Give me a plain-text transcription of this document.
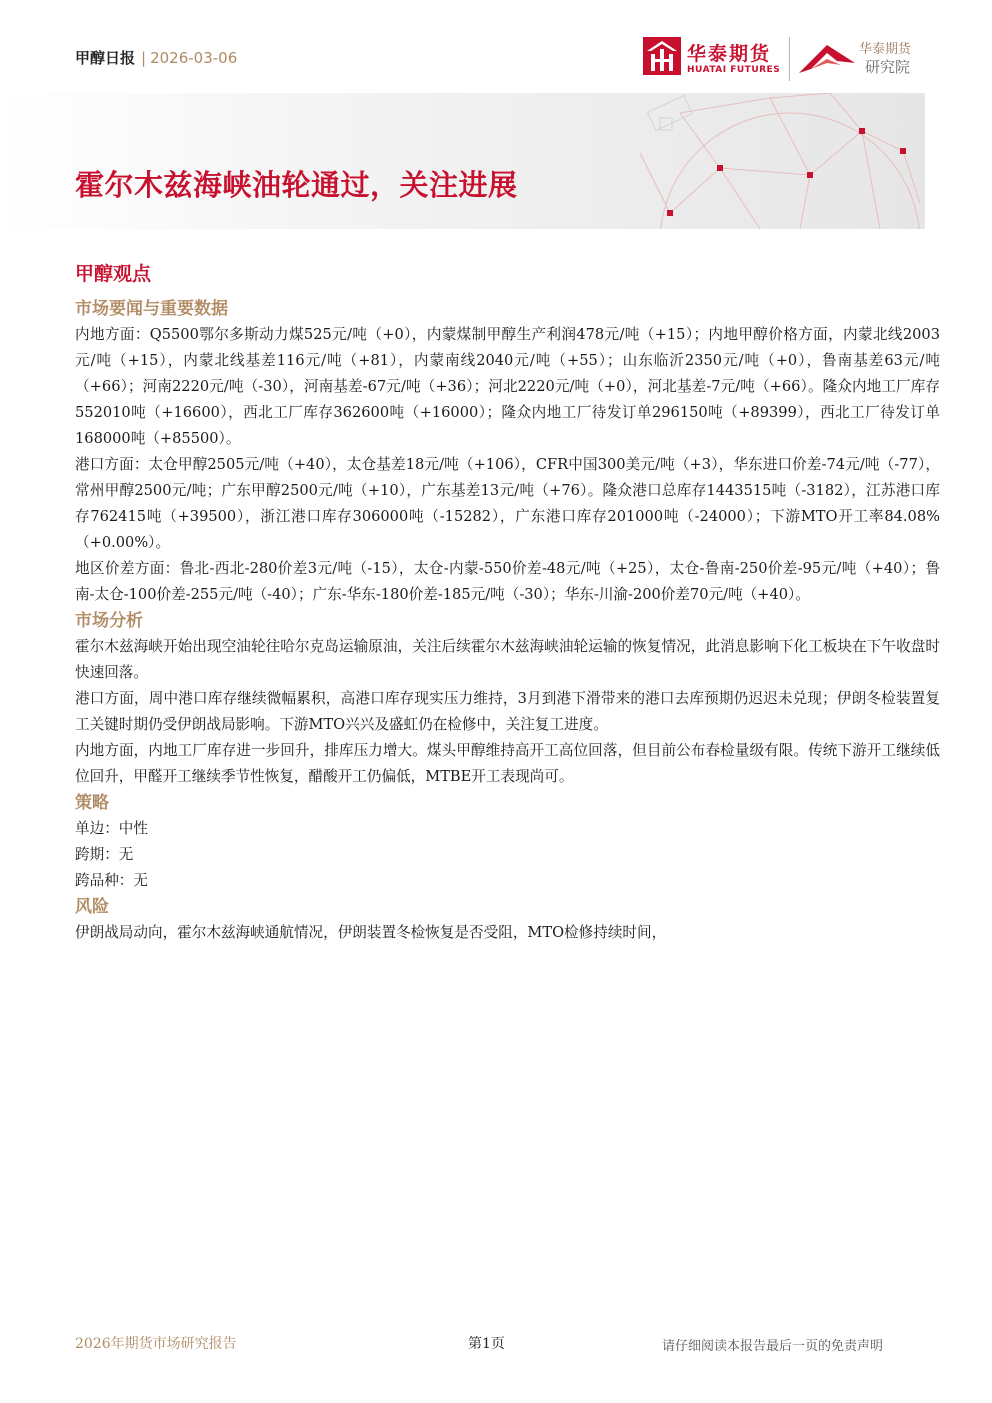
甲醇日报 | 2026-03-06	华泰期货
HUATAI FUTURES
华泰期货
研究院
霍尔木兹海峡油轮通过，关注进展
甲醇观点
市场要闻与重要数据

内地方面：Q5500鄂尔多斯动力煤525元/吨（+0），内蒙煤制甲醇生产利润478元/吨（+15）；内地甲醇价格方面，内蒙北线2003元/吨（+15），内蒙北线基差116元/吨（+81），内蒙南线2040元/吨（+55）；山东临沂2350元/吨（+0），鲁南基差63元/吨（+66）；河南2220元/吨（-30），河南基差-67元/吨（+36）；河北2220元/吨（+0），河北基差-7元/吨（+66）。隆众内地工厂库存552010吨（+16600），西北工厂库存362600吨（+16000）；隆众内地工厂待发订单296150吨（+89399），西北工厂待发订单168000吨（+85500）。

港口方面：太仓甲醇2505元/吨（+40），太仓基差18元/吨（+106），CFR中国300美元/吨（+3），华东进口价差-74元/吨（-77），常州甲醇2500元/吨；广东甲醇2500元/吨（+10），广东基差13元/吨（+76）。隆众港口总库存1443515吨（-3182），江苏港口库存762415吨（+39500），浙江港口库存306000吨（-15282），广东港口库存201000吨（-24000）；下游MTO开工率84.08%（+0.00%）。

地区价差方面：鲁北-西北-280价差3元/吨（-15），太仓-内蒙-550价差-48元/吨（+25），太仓-鲁南-250价差-95元/吨（+40）；鲁南-太仓-100价差-255元/吨（-40）；广东-华东-180价差-185元/吨（-30）；华东-川渝-200价差70元/吨（+40）。

市场分析

霍尔木兹海峡开始出现空油轮往哈尔克岛运输原油，关注后续霍尔木兹海峡油轮运输的恢复情况，此消息影响下化工板块在下午收盘时快速回落。

港口方面，周中港口库存继续微幅累积，高港口库存现实压力维持，3月到港下滑带来的港口去库预期仍迟迟未兑现；伊朗冬检装置复工关键时期仍受伊朗战局影响。下游MTO兴兴及盛虹仍在检修中，关注复工进度。

内地方面，内地工厂库存进一步回升，排库压力增大。煤头甲醇维持高开工高位回落，但目前公布春检量级有限。传统下游开工继续低位回升，甲醛开工继续季节性恢复，醋酸开工仍偏低，MTBE开工表现尚可。

策略

单边：中性

跨期：无

跨品种：无

风险

伊朗战局动向，霍尔木兹海峡通航情况，伊朗装置冬检恢复是否受阻，MTO检修持续时间，

2026年期货市场研究报告	第1页	请仔细阅读本报告最后一页的免责声明
